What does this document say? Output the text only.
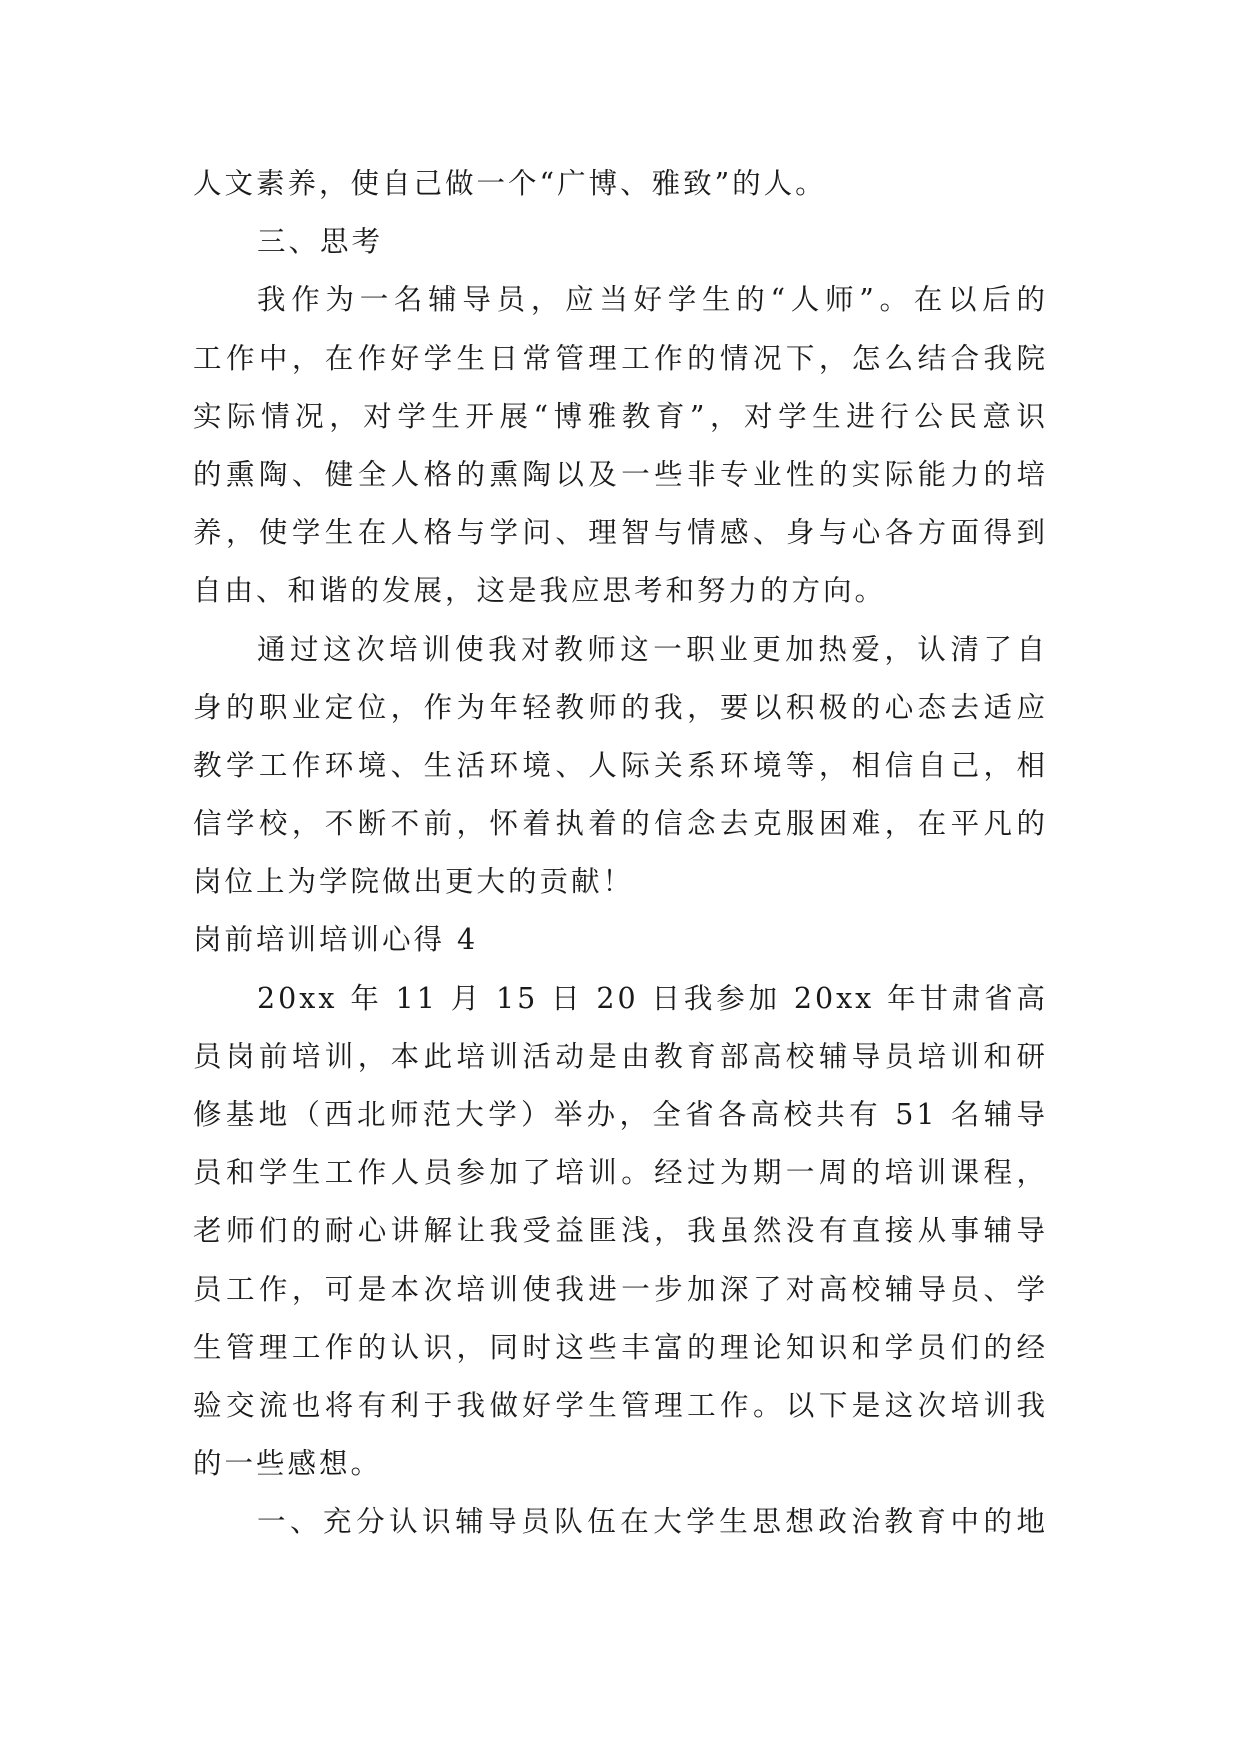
人文素养，使自己做一个“广博、雅致”的人。
三、思考
我作为一名辅导员，应当好学生的“人师”。在以后的
工作中，在作好学生日常管理工作的情况下，怎么结合我院
实际情况，对学生开展“博雅教育”，对学生进行公民意识
的熏陶、健全人格的熏陶以及一些非专业性的实际能力的培
养，使学生在人格与学问、理智与情感、身与心各方面得到
自由、和谐的发展，这是我应思考和努力的方向。
通过这次培训使我对教师这一职业更加热爱，认清了自
身的职业定位，作为年轻教师的我，要以积极的心态去适应
教学工作环境、生活环境、人际关系环境等，相信自己，相
信学校，不断不前，怀着执着的信念去克服困难，在平凡的
岗位上为学院做出更大的贡献！
岗前培训培训心得 4
20xx 年 11 月 15 日 20 日我参加 20xx 年甘肃省高
员岗前培训，本此培训活动是由教育部高校辅导员培训和研
修基地（西北师范大学）举办，全省各高校共有 51 名辅导
员和学生工作人员参加了培训。经过为期一周的培训课程，
老师们的耐心讲解让我受益匪浅，我虽然没有直接从事辅导
员工作，可是本次培训使我进一步加深了对高校辅导员、学
生管理工作的认识，同时这些丰富的理论知识和学员们的经
验交流也将有利于我做好学生管理工作。以下是这次培训我
的一些感想。
一、充分认识辅导员队伍在大学生思想政治教育中的地
